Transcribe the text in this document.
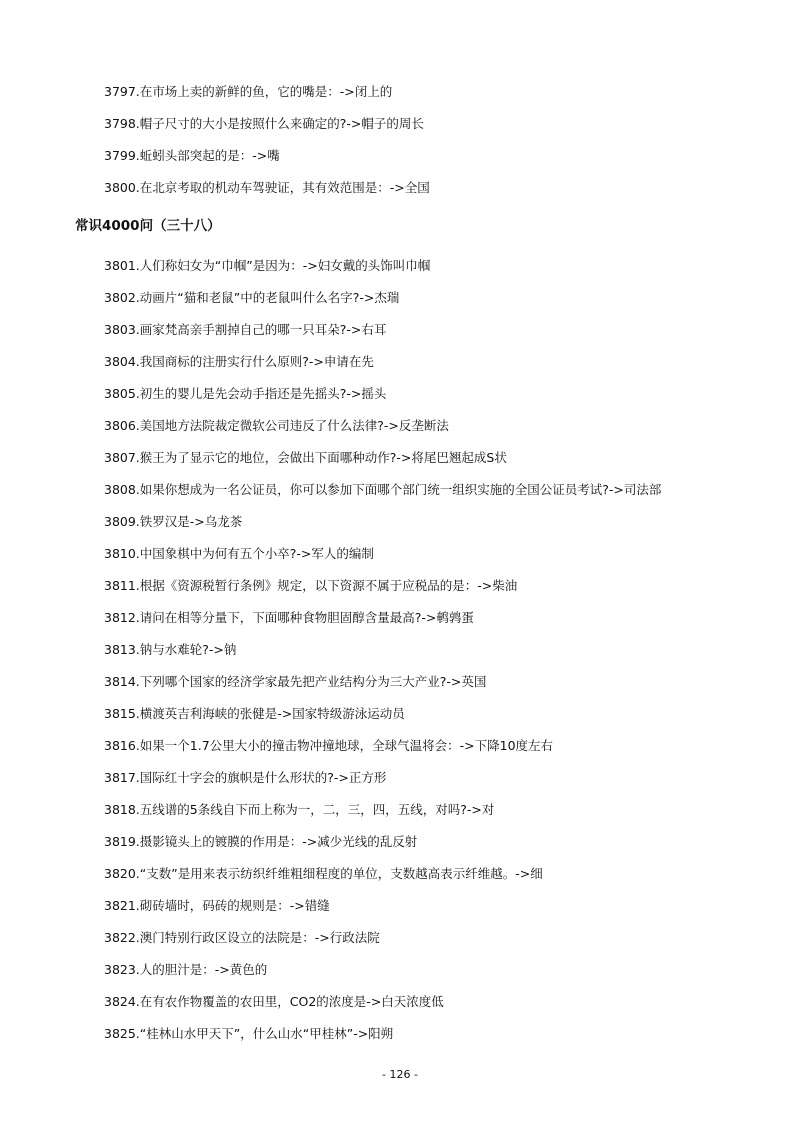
3797.在市场上卖的新鲜的鱼，它的嘴是：->闭上的
3798.帽子尺寸的大小是按照什么来确定的?->帽子的周长
3799.蚯蚓头部突起的是：->嘴
3800.在北京考取的机动车驾驶证，其有效范围是：->全国
常识4000问（三十八）
3801.人们称妇女为“巾帼”是因为：->妇女戴的头饰叫巾帼
3802.动画片“猫和老鼠”中的老鼠叫什么名字?->杰瑞
3803.画家梵高亲手割掉自己的哪一只耳朵?->右耳
3804.我国商标的注册实行什么原则?->申请在先
3805.初生的婴儿是先会动手指还是先摇头?->摇头
3806.美国地方法院裁定微软公司违反了什么法律?->反垄断法
3807.猴王为了显示它的地位，会做出下面哪种动作?->将尾巴翘起成S状
3808.如果你想成为一名公证员，你可以参加下面哪个部门统一组织实施的全国公证员考试?->司法部
3809.铁罗汉是->乌龙茶
3810.中国象棋中为何有五个小卒?->军人的编制
3811.根据《资源税暂行条例》规定，以下资源不属于应税品的是：->柴油
3812.请问在相等分量下，下面哪种食物胆固醇含量最高?->鹌鹑蛋
3813.钠与水难轮?->钠
3814.下列哪个国家的经济学家最先把产业结构分为三大产业?->英国
3815.横渡英吉利海峡的张健是->国家特级游泳运动员
3816.如果一个1.7公里大小的撞击物冲撞地球，全球气温将会：->下降10度左右
3817.国际红十字会的旗帜是什么形状的?->正方形
3818.五线谱的5条线自下而上称为一，二，三，四，五线，对吗?->对
3819.摄影镜头上的镀膜的作用是：->减少光线的乱反射
3820.“支数”是用来表示纺织纤维粗细程度的单位，支数越高表示纤维越。->细
3821.砌砖墙时，码砖的规则是：->错缝
3822.澳门特别行政区设立的法院是：->行政法院
3823.人的胆汁是：->黄色的
3824.在有农作物覆盖的农田里，CO2的浓度是->白天浓度低
3825.“桂林山水甲天下”，什么山水“甲桂林”->阳朔
- 126 -
